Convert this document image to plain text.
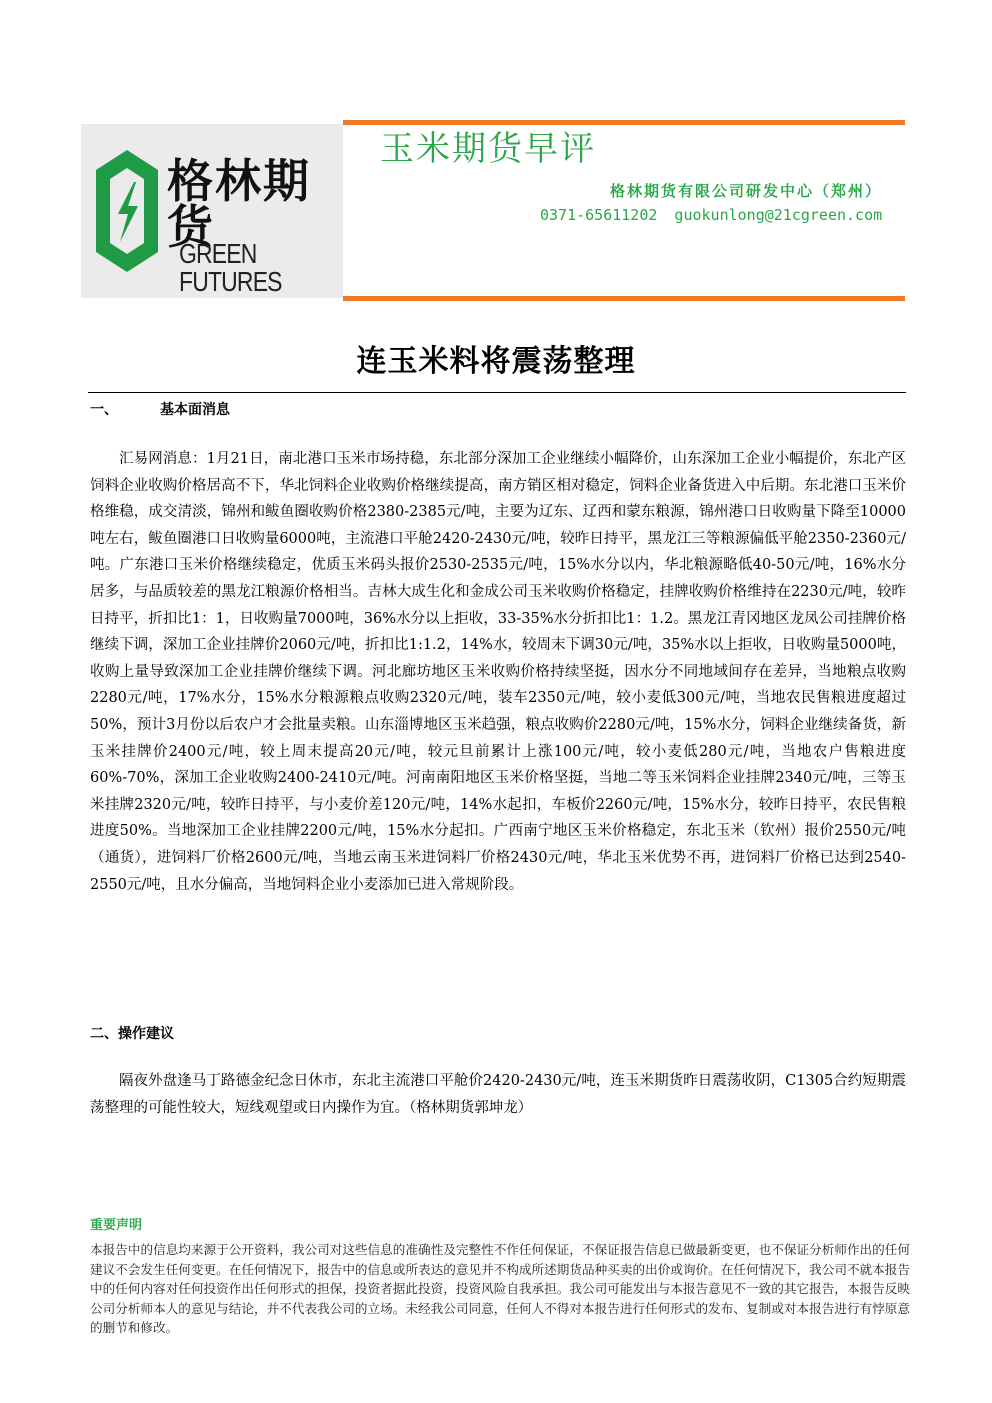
格林期货
GREEN FUTURES
玉米期货早评
格林期货有限公司研发中心（郑州）
0371-65611202 guokunlong@21cgreen.com
连玉米料将震荡整理
一、	基本面消息

汇易网消息：1月21日，南北港口玉米市场持稳，东北部分深加工企业继续小幅降价，山东深加工企业小幅提价，东北产区饲料企业收购价格居高不下，华北饲料企业收购价格继续提高，南方销区相对稳定，饲料企业备货进入中后期。东北港口玉米价格维稳，成交清淡，锦州和鲅鱼圈收购价格2380-2385元/吨，主要为辽东、辽西和蒙东粮源，锦州港口日收购量下降至10000吨左右，鲅鱼圈港口日收购量6000吨，主流港口平舱2420-2430元/吨，较昨日持平，黑龙江三等粮源偏低平舱2350-2360元/吨。广东港口玉米价格继续稳定，优质玉米码头报价2530-2535元/吨，15%水分以内，华北粮源略低40-50元/吨，16%水分居多，与品质较差的黑龙江粮源价格相当。吉林大成生化和金成公司玉米收购价格稳定，挂牌收购价格维持在2230元/吨，较昨日持平，折扣比1：1，日收购量7000吨，36%水分以上拒收，33-35%水分折扣比1：1.2。黑龙江青冈地区龙凤公司挂牌价格继续下调，深加工企业挂牌价2060元/吨，折扣比1:1.2，14%水，较周末下调30元/吨，35%水以上拒收，日收购量5000吨，收购上量导致深加工企业挂牌价继续下调。河北廊坊地区玉米收购价格持续坚挺，因水分不同地域间存在差异，当地粮点收购2280元/吨，17%水分，15%水分粮源粮点收购2320元/吨，装车2350元/吨，较小麦低300元/吨，当地农民售粮进度超过50%，预计3月份以后农户才会批量卖粮。山东淄博地区玉米趋强，粮点收购价2280元/吨，15%水分，饲料企业继续备货，新玉米挂牌价2400元/吨，较上周末提高20元/吨，较元旦前累计上涨100元/吨，较小麦低280元/吨，当地农户售粮进度60%-70%，深加工企业收购2400-2410元/吨。河南南阳地区玉米价格坚挺，当地二等玉米饲料企业挂牌2340元/吨，三等玉米挂牌2320元/吨，较昨日持平，与小麦价差120元/吨，14%水起扣，车板价2260元/吨，15%水分，较昨日持平，农民售粮进度50%。当地深加工企业挂牌2200元/吨，15%水分起扣。广西南宁地区玉米价格稳定，东北玉米（钦州）报价2550元/吨（通货），进饲料厂价格2600元/吨，当地云南玉米进饲料厂价格2430元/吨，华北玉米优势不再，进饲料厂价格已达到2540-2550元/吨，且水分偏高，当地饲料企业小麦添加已进入常规阶段。

二、操作建议

隔夜外盘逢马丁路德金纪念日休市，东北主流港口平舱价2420-2430元/吨，连玉米期货昨日震荡收阴，C1305合约短期震荡整理的可能性较大，短线观望或日内操作为宜。（格林期货郭坤龙）

重要声明

本报告中的信息均来源于公开资料，我公司对这些信息的准确性及完整性不作任何保证，不保证报告信息已做最新变更，也不保证分析师作出的任何建议不会发生任何变更。在任何情况下，报告中的信息或所表达的意见并不构成所述期货品种买卖的出价或询价。在任何情况下，我公司不就本报告中的任何内容对任何投资作出任何形式的担保，投资者据此投资，投资风险自我承担。我公司可能发出与本报告意见不一致的其它报告，本报告反映公司分析师本人的意见与结论，并不代表我公司的立场。未经我公司同意，任何人不得对本报告进行任何形式的发布、复制或对本报告进行有悖原意的删节和修改。
